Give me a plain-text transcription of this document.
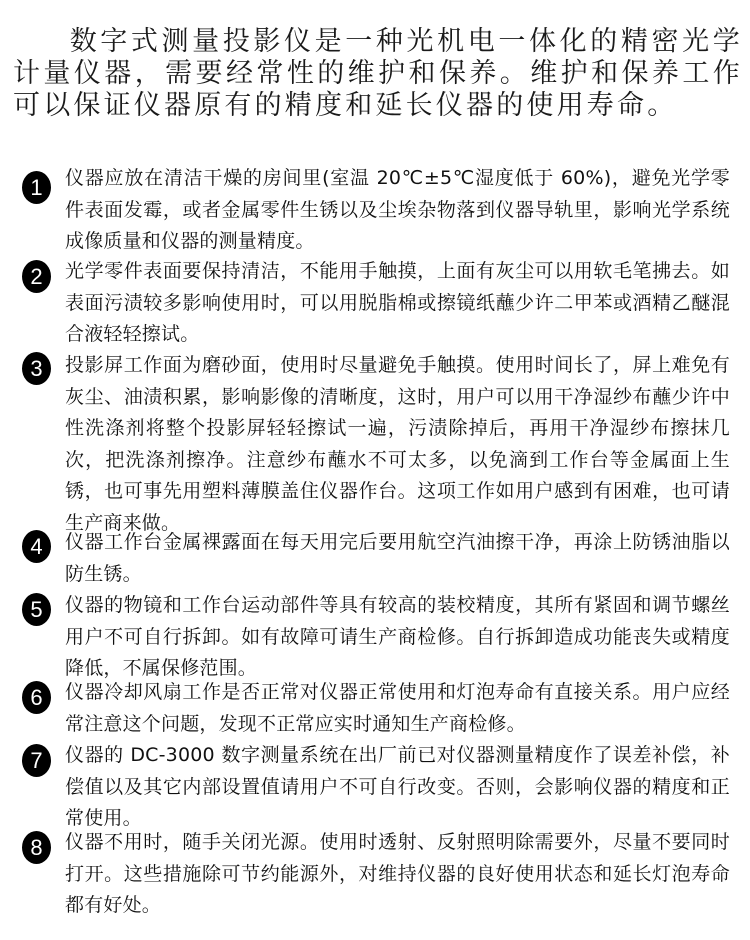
数字式测量投影仪是一种光机电一体化的精密光学计量仪器，需要经常性的维护和保养。维护和保养工作可以保证仪器原有的精度和延长仪器的使用寿命。

1	仪器应放在清洁干燥的房间里(室温 20℃±5℃湿度低于 60%)，避免光学零件表面发霉，或者金属零件生锈以及尘埃杂物落到仪器导轨里，影响光学系统成像质量和仪器的测量精度。
2	光学零件表面要保持清洁，不能用手触摸，上面有灰尘可以用软毛笔拂去。如表面污渍较多影响使用时，可以用脱脂棉或擦镜纸蘸少许二甲苯或酒精乙醚混合液轻轻擦试。
3	投影屏工作面为磨砂面，使用时尽量避免手触摸。使用时间长了，屏上难免有灰尘、油渍积累，影响影像的清晰度，这时，用户可以用干净湿纱布蘸少许中性洗涤剂将整个投影屏轻轻擦试一遍，污渍除掉后，再用干净湿纱布擦抹几次，把洗涤剂擦净。注意纱布蘸水不可太多，以免滴到工作台等金属面上生锈，也可事先用塑料薄膜盖住仪器作台。这项工作如用户感到有困难，也可请生产商来做。
4	仪器工作台金属裸露面在每天用完后要用航空汽油擦干净，再涂上防锈油脂以防生锈。
5	仪器的物镜和工作台运动部件等具有较高的装校精度，其所有紧固和调节螺丝用户不可自行拆卸。如有故障可请生产商检修。自行拆卸造成功能丧失或精度降低，不属保修范围。
6	仪器冷却风扇工作是否正常对仪器正常使用和灯泡寿命有直接关系。用户应经常注意这个问题，发现不正常应实时通知生产商检修。
7	仪器的 DC-3000 数字测量系统在出厂前已对仪器测量精度作了误差补偿，补偿值以及其它内部设置值请用户不可自行改变。否则，会影响仪器的精度和正常使用。
8	仪器不用时，随手关闭光源。使用时透射、反射照明除需要外，尽量不要同时打开。这些措施除可节约能源外，对维持仪器的良好使用状态和延长灯泡寿命都有好处。
